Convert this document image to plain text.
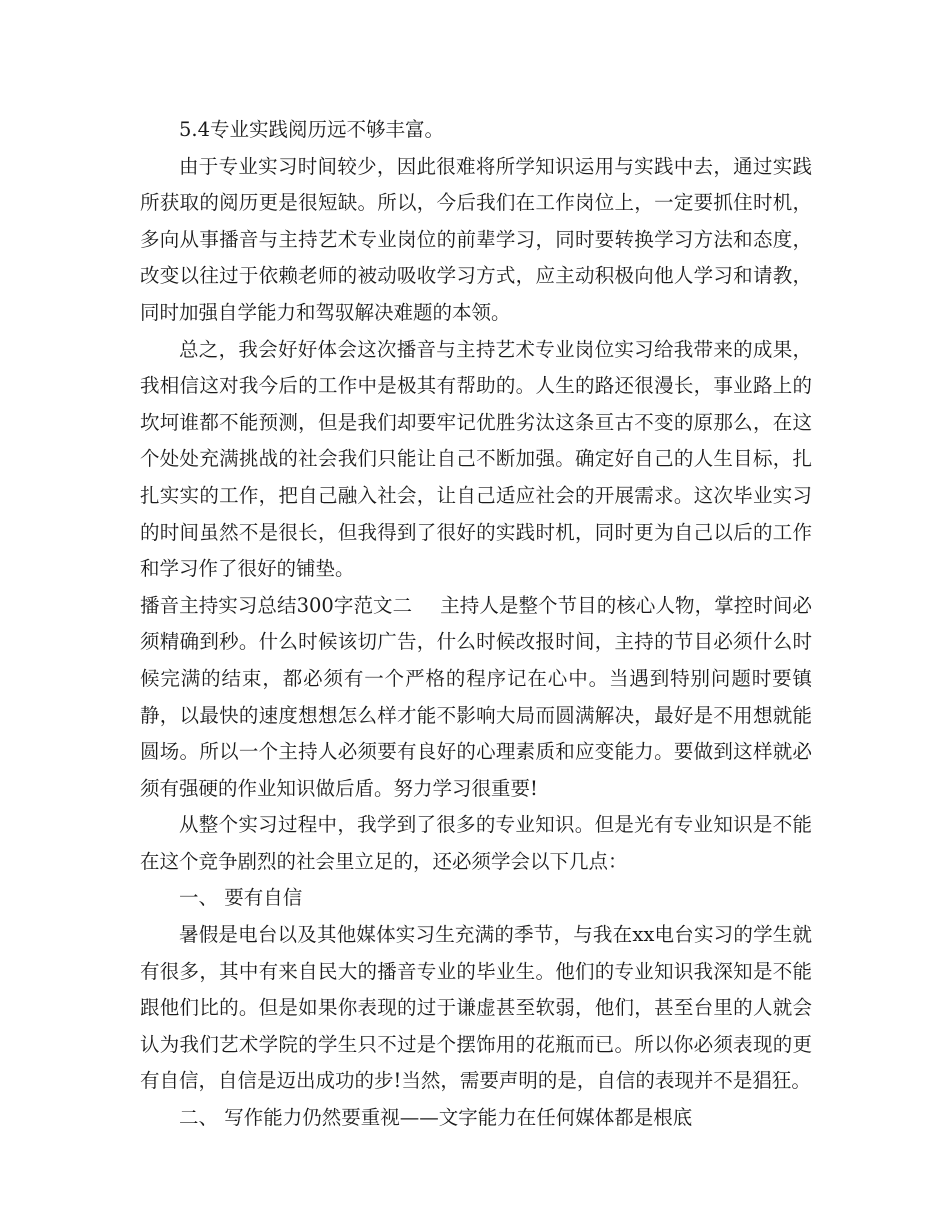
5.4专业实践阅历远不够丰富。

由于专业实习时间较少，因此很难将所学知识运用与实践中去，通过实践所获取的阅历更是很短缺。所以，今后我们在工作岗位上，一定要抓住时机，多向从事播音与主持艺术专业岗位的前辈学习，同时要转换学习方法和态度，改变以往过于依赖老师的被动吸收学习方式，应主动积极向他人学习和请教，同时加强自学能力和驾驭解决难题的本领。

总之，我会好好体会这次播音与主持艺术专业岗位实习给我带来的成果，我相信这对我今后的工作中是极其有帮助的。人生的路还很漫长，事业路上的坎坷谁都不能预测，但是我们却要牢记优胜劣汰这条亘古不变的原那么，在这个处处充满挑战的社会我们只能让自己不断加强。确定好自己的人生目标，扎扎实实的工作，把自己融入社会，让自己适应社会的开展需求。这次毕业实习的时间虽然不是很长，但我得到了很好的实践时机，同时更为自己以后的工作和学习作了很好的铺垫。

播音主持实习总结300字范文二 主持人是整个节目的核心人物，掌控时间必须精确到秒。什么时候该切广告，什么时候改报时间，主持的节目必须什么时候完满的结束，都必须有一个严格的程序记在心中。当遇到特别问题时要镇静，以最快的速度想想怎么样才能不影响大局而圆满解决，最好是不用想就能圆场。所以一个主持人必须要有良好的心理素质和应变能力。要做到这样就必须有强硬的作业知识做后盾。努力学习很重要!

从整个实习过程中，我学到了很多的专业知识。但是光有专业知识是不能在这个竞争剧烈的社会里立足的，还必须学会以下几点：

一、 要有自信

暑假是电台以及其他媒体实习生充满的季节，与我在xx电台实习的学生就有很多，其中有来自民大的播音专业的毕业生。他们的专业知识我深知是不能跟他们比的。但是如果你表现的过于谦虚甚至软弱，他们，甚至台里的人就会认为我们艺术学院的学生只不过是个摆饰用的花瓶而已。所以你必须表现的更有自信，自信是迈出成功的步!当然，需要声明的是，自信的表现并不是猖狂。

二、 写作能力仍然要重视——文字能力在任何媒体都是根底
